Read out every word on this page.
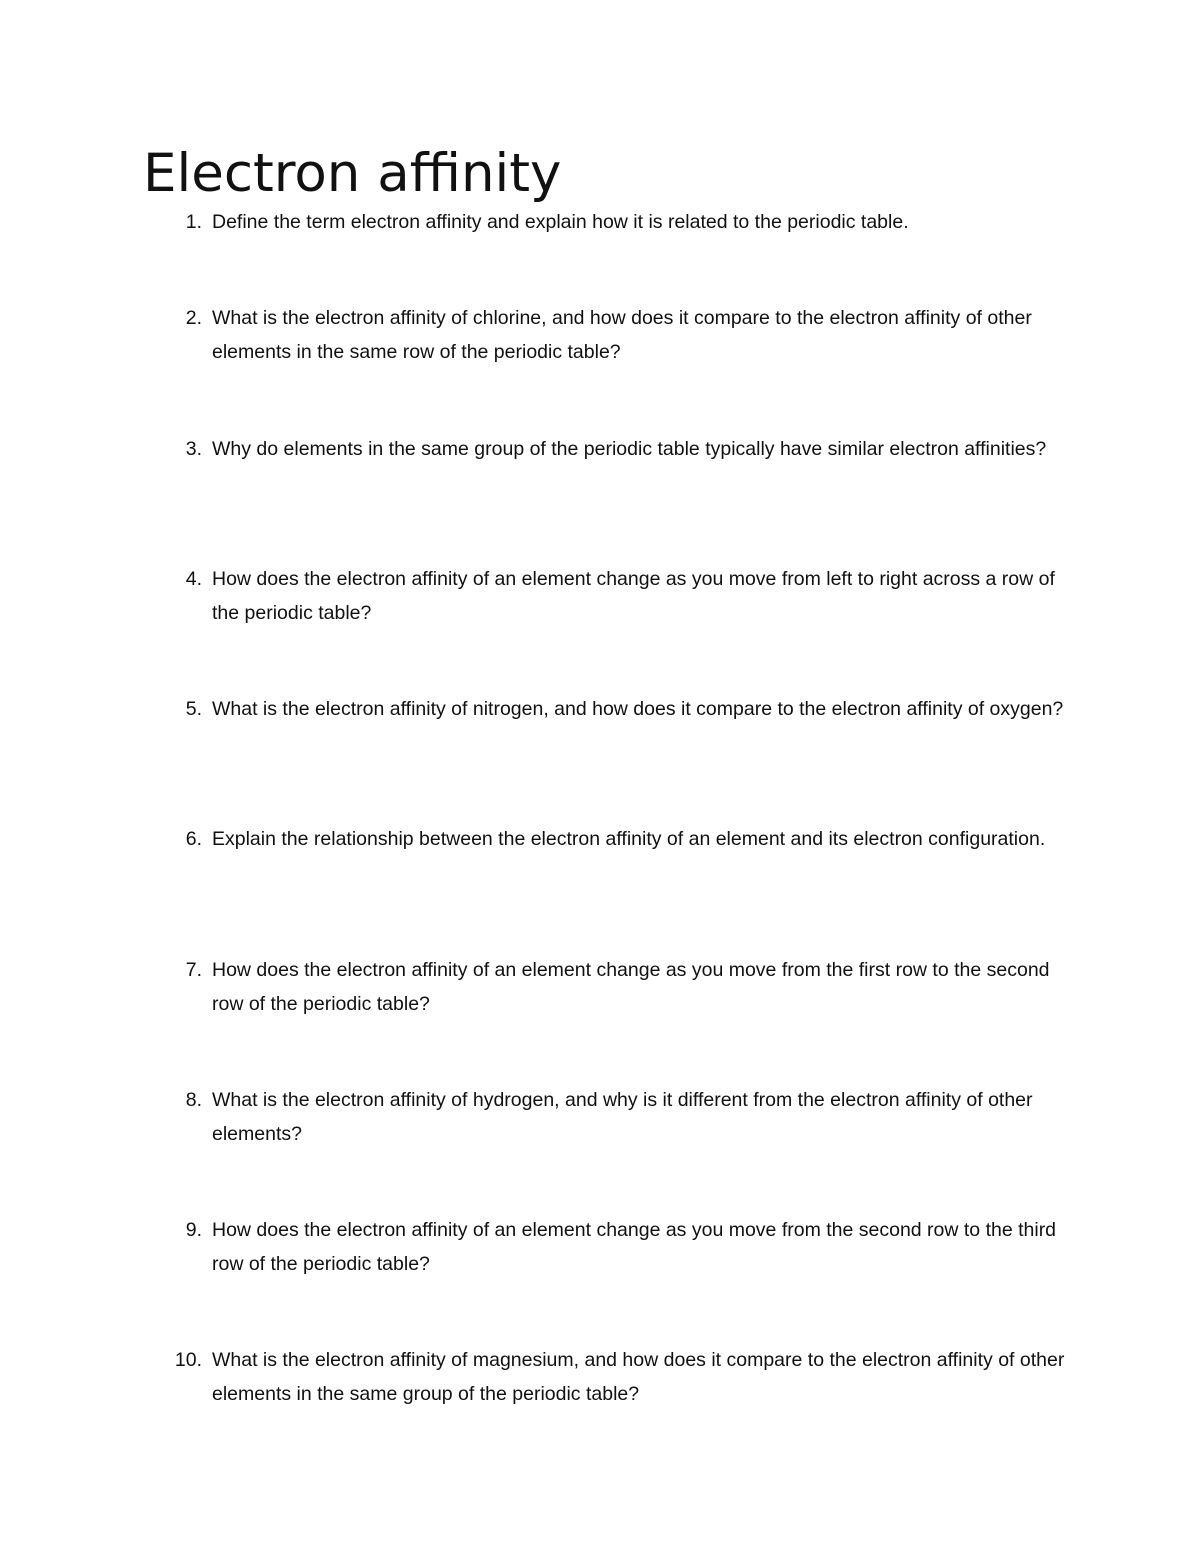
Electron affinity
1. Define the term electron affinity and explain how it is related to the periodic table.
2. What is the electron affinity of chlorine, and how does it compare to the electron affinity of other elements in the same row of the periodic table?
3. Why do elements in the same group of the periodic table typically have similar electron affinities?
4. How does the electron affinity of an element change as you move from left to right across a row of the periodic table?
5. What is the electron affinity of nitrogen, and how does it compare to the electron affinity of oxygen?
6. Explain the relationship between the electron affinity of an element and its electron configuration.
7. How does the electron affinity of an element change as you move from the first row to the second row of the periodic table?
8. What is the electron affinity of hydrogen, and why is it different from the electron affinity of other elements?
9. How does the electron affinity of an element change as you move from the second row to the third row of the periodic table?
10. What is the electron affinity of magnesium, and how does it compare to the electron affinity of other elements in the same group of the periodic table?
